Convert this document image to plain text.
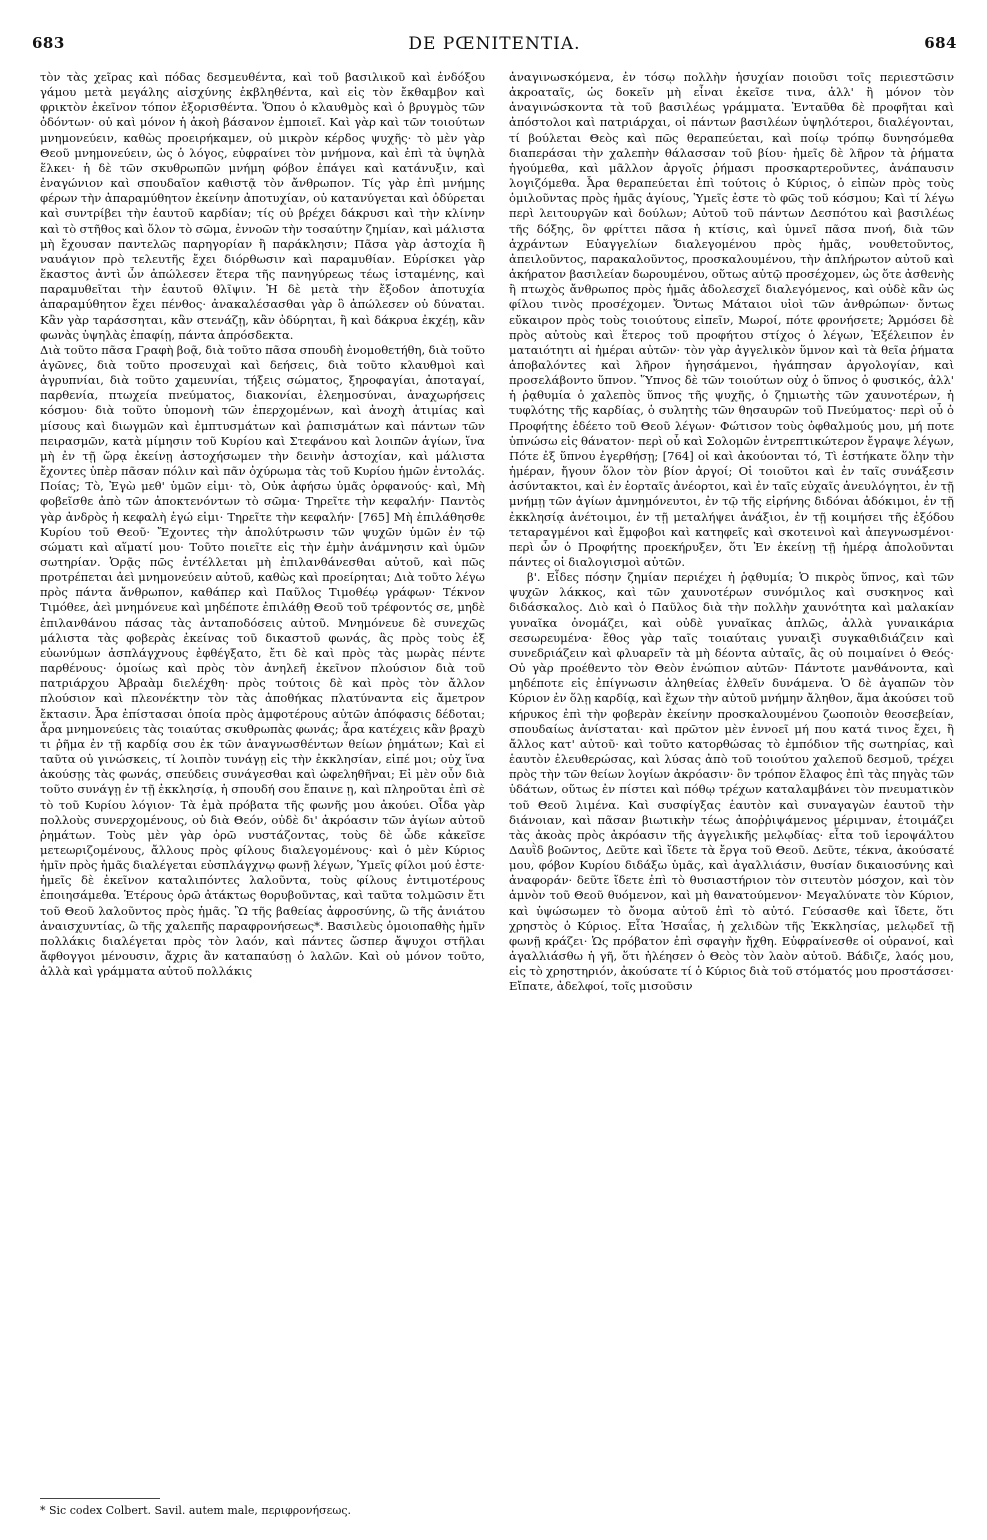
683	DE PŒNITENTIA.	684

τὸν τὰς χεῖρας καὶ πόδας δεσμευθέντα, καὶ τοῦ βασιλικοῦ καὶ ἐνδόξου γάμου μετὰ μεγάλης αἰσχύνης ἐκβληθέντα, καὶ εἰς τὸν ἔκθαμβον καὶ φρικτὸν ἐκεῖνον τόπον ἐξορισθέντα. Ὅπου ὁ κλαυθμὸς καὶ ὁ βρυγμὸς τῶν ὀδόντων· οὐ καὶ μόνον ἡ ἀκοὴ βάσανον ἐμποιεῖ. Καὶ γὰρ καὶ τῶν τοιούτων μνημονεύειν, καθὼς προειρήκαμεν, οὐ μικρὸν κέρδος ψυχῆς· τὸ μὲν γὰρ Θεοῦ μνημονεύειν, ὡς ὁ λόγος, εὐφραίνει τὸν μνήμονα, καὶ ἐπὶ τὰ ὑψηλὰ ἕλκει· ἡ δὲ τῶν σκυθρωπῶν μνήμη φόβον ἐπάγει καὶ κατάνυξιν, καὶ ἐναγώνιον καὶ σπουδαῖον καθιστᾷ τὸν ἄνθρωπον. Τίς γὰρ ἐπὶ μνήμης φέρων τὴν ἀπαραμύθητον ἐκείνην ἀποτυχίαν, οὐ κατανύγεται καὶ ὀδύρεται καὶ συντρίβει τὴν ἑαυτοῦ καρδίαν; τίς οὐ βρέχει δάκρυσι καὶ τὴν κλίνην καὶ τὸ στῆθος καὶ ὅλον τὸ σῶμα, ἐννοῶν τὴν τοσαύτην ζημίαν, καὶ μάλιστα μὴ ἔχουσαν παντελῶς παρηγορίαν ἢ παράκλησιν; Πᾶσα γὰρ ἀστοχία ἢ ναυάγιον πρὸ τελευτῆς ἔχει διόρθωσιν καὶ παραμυθίαν. Εὑρίσκει γὰρ ἕκαστος ἀντὶ ὧν ἀπώλεσεν ἕτερα τῆς πανηγύρεως τέως ἱσταμένης, καὶ παραμυθεῖται τὴν ἑαυτοῦ θλῖψιν. Ἡ δὲ μετὰ τὴν ἔξοδον ἀποτυχία ἀπαραμύθητον ἔχει πένθος· ἀνακαλέσασθαι γὰρ ὃ ἀπώλεσεν οὐ δύναται. Κἂν γὰρ ταράσσηται, κἂν στενάζῃ, κἂν ὀδύρηται, ἢ καὶ δάκρυα ἐκχέῃ, κἂν φωνὰς ὑψηλὰς ἐπαφίῃ, πάντα ἀπρόσδεκτα.

Διὰ τοῦτο πᾶσα Γραφὴ βοᾷ, διὰ τοῦτο πᾶσα σπουδὴ ἐνομοθετήθη, διὰ τοῦτο ἀγῶνες, διὰ τοῦτο προσευχαὶ καὶ δεήσεις, διὰ τοῦτο κλαυθμοὶ καὶ ἀγρυπνίαι, διὰ τοῦτο χαμευνίαι, τήξεις σώματος, ξηροφαγίαι, ἀποταγαί, παρθενία, πτωχεία πνεύματος, διακονίαι, ἐλεημοσύναι, ἀναχωρήσεις κόσμου· διὰ τοῦτο ὑπομονὴ τῶν ἐπερχομένων, καὶ ἀνοχὴ ἀτιμίας καὶ μίσους καὶ διωγμῶν καὶ ἐμπτυσμάτων καὶ ῥαπισμάτων καὶ πάντων τῶν πειρασμῶν, κατὰ μίμησιν τοῦ Κυρίου καὶ Στεφάνου καὶ λοιπῶν ἁγίων, ἵνα μὴ ἐν τῇ ὥρᾳ ἐκείνῃ ἀστοχήσωμεν τὴν δεινὴν ἀστοχίαν, καὶ μάλιστα ἔχοντες ὑπὲρ πᾶσαν πόλιν καὶ πᾶν ὀχύρωμα τὰς τοῦ Κυρίου ἡμῶν ἐντολάς. Ποίας; Τὸ, Ἐγὼ μεθ' ὑμῶν εἰμι· τὸ, Οὐκ ἀφήσω ὑμᾶς ὀρφανούς· καὶ, Μὴ φοβεῖσθε ἀπὸ τῶν ἀποκτενόντων τὸ σῶμα· Τηρεῖτε τὴν κεφαλήν· Παντὸς γὰρ ἀνδρὸς ἡ κεφαλὴ ἐγώ εἰμι· Τηρεῖτε τὴν κεφαλήν· [765] Μὴ ἐπιλάθησθε Κυρίου τοῦ Θεοῦ· Ἔχοντες τὴν ἀπολύτρωσιν τῶν ψυχῶν ὑμῶν ἐν τῷ σώματι καὶ αἵματί μου· Τοῦτο ποιεῖτε εἰς τὴν ἐμὴν ἀνάμνησιν καὶ ὑμῶν σωτηρίαν. Ὁρᾷς πῶς ἐντέλλεται μὴ ἐπιλανθάνεσθαι αὐτοῦ, καὶ πῶς προτρέπεται ἀεὶ μνημονεύειν αὐτοῦ, καθὼς καὶ προείρηται; Διὰ τοῦτο λέγω πρὸς πάντα ἄνθρωπον, καθάπερ καὶ Παῦλος Τιμοθέῳ γράφων· Τέκνον Τιμόθεε, ἀεὶ μνημόνευε καὶ μηδέποτε ἐπιλάθῃ Θεοῦ τοῦ τρέφοντός σε, μηδὲ ἐπιλανθάνου πάσας τὰς ἀνταποδόσεις αὐτοῦ. Μνημόνευε δὲ συνεχῶς μάλιστα τὰς φοβερὰς ἐκείνας τοῦ δικαστοῦ φωνάς, ἃς πρὸς τοὺς ἐξ εὐωνύμων ἀσπλάγχνους ἐφθέγξατο, ἔτι δὲ καὶ πρὸς τὰς μωρὰς πέντε παρθένους· ὁμοίως καὶ πρὸς τὸν ἀνηλεῆ ἐκεῖνον πλούσιον διὰ τοῦ πατριάρχου Ἀβραὰμ διελέχθη· πρὸς τούτοις δὲ καὶ πρὸς τὸν ἄλλον πλούσιον καὶ πλεονέκτην τὸν τὰς ἀποθήκας πλατύναντα εἰς ἄμετρον ἔκτασιν. Ἆρα ἐπίστασαι ὁποία πρὸς ἀμφοτέρους αὐτῶν ἀπόφασις δέδοται; ἆρα μνημονεύεις τὰς τοιαύτας σκυθρωπὰς φωνάς; ἆρα κατέχεις κἂν βραχὺ τι ῥῆμα ἐν τῇ καρδίᾳ σου ἐκ τῶν ἀναγνωσθέντων θείων ῥημάτων; Καὶ εἰ ταῦτα οὐ γινώσκεις, τί λοιπὸν τυνάγῃ εἰς τὴν ἐκκλησίαν, εἰπέ μοι; οὐχ ἵνα ἀκούσῃς τὰς φωνάς, σπεύδεις συνάγεσθαι καὶ ὠφεληθῆναι; Εἰ μὲν οὖν διὰ τοῦτο συνάγῃ ἐν τῇ ἐκκλησίᾳ, ἡ σπουδή σου ἔπαινε ῃ, καὶ πληροῦται ἐπὶ σὲ τὸ τοῦ Κυρίου λόγιον· Τὰ ἐμὰ πρόβατα τῆς φωνῆς μου ἀκούει. Οἶδα γὰρ πολλοὺς συνερχομένους, οὐ διὰ Θεόν, οὐδὲ δι' ἀκρόασιν τῶν ἁγίων αὐτοῦ ῥημάτων. Τοὺς μὲν γὰρ ὁρῶ νυστάζοντας, τοὺς δὲ ὧδε κἀκεῖσε μετεωριζομένους, ἄλλους πρὸς φίλους διαλεγομένους· καὶ ὁ μὲν Κύριος ἡμῖν πρὸς ἡμᾶς διαλέγεται εὐσπλάγχνῳ φωνῇ λέγων, Ὑμεῖς φίλοι μού ἐστε· ἡμεῖς δὲ ἐκεῖνον καταλιπόντες λαλοῦντα, τοὺς φίλους ἐντιμοτέρους ἐποιησάμεθα. Ἑτέρους ὁρῶ ἀτάκτως θορυβοῦντας, καὶ ταῦτα τολμῶσιν ἔτι τοῦ Θεοῦ λαλοῦντος πρὸς ἡμᾶς. Ὢ τῆς βαθείας ἀφροσύνης, ὢ τῆς ἀνιάτου ἀναισχυντίας, ὢ τῆς χαλεπῆς παραφρονήσεως*. Βασιλεὺς ὁμοιοπαθὴς ἡμῖν πολλάκις διαλέγεται πρὸς τὸν λαόν, καὶ πάντες ὥσπερ ἄψυχοι στῆλαι ἄφθογγοι μένουσιν, ἄχρις ἂν καταπαύσῃ ὁ λαλῶν. Καὶ οὐ μόνον τοῦτο, ἀλλὰ καὶ γράμματα αὐτοῦ πολλάκις

ἀναγινωσκόμενα, ἐν τόσῳ πολλὴν ἡσυχίαν ποιοῦσι τοῖς περιεστῶσιν ἀκροαταῖς, ὡς δοκεῖν μὴ εἶναι ἐκεῖσε τινα, ἀλλ' ἢ μόνον τὸν ἀναγινώσκοντα τὰ τοῦ βασιλέως γράμματα. Ἐνταῦθα δὲ προφῆται καὶ ἀπόστολοι καὶ πατριάρχαι, οἱ πάντων βασιλέων ὑψηλότεροι, διαλέγονται, τί βούλεται Θεὸς καὶ πῶς θεραπεύεται, καὶ ποίῳ τρόπῳ δυνησόμεθα διαπεράσαι τὴν χαλεπὴν θάλασσαν τοῦ βίου· ἡμεῖς δὲ λῆρον τὰ ῥήματα ἡγούμεθα, καὶ μᾶλλον ἀργοῖς ῥήμασι προσκαρτεροῦντες, ἀνάπαυσιν λογιζόμεθα. Ἆρα θεραπεύεται ἐπὶ τούτοις ὁ Κύριος, ὁ εἰπὼν πρὸς τοὺς ὁμιλοῦντας πρὸς ἡμᾶς ἁγίους, Ὑμεῖς ἐστε τὸ φῶς τοῦ κόσμου; Καὶ τί λέγω περὶ λειτουργῶν καὶ δούλων; Αὐτοῦ τοῦ πάντων Δεσπότου καὶ βασιλέως τῆς δόξης, ὃν φρίττει πᾶσα ἡ κτίσις, καὶ ὑμνεῖ πᾶσα πνοή, διὰ τῶν ἀχράντων Εὐαγγελίων διαλεγομένου πρὸς ἡμᾶς, νουθετοῦντος, ἀπειλοῦντος, παρακαλοῦντος, προσκαλουμένου, τὴν ἀπλήρωτον αὐτοῦ καὶ ἀκήρατον βασιλείαν δωρουμένου, οὕτως αὐτῷ προσέχομεν, ὡς ὅτε ἀσθενὴς ἢ πτωχὸς ἄνθρωπος πρὸς ἡμᾶς ἀδολεσχεῖ διαλεγόμενος, καὶ οὐδὲ κἂν ὡς φίλου τινὸς προσέχομεν. Ὄντως Μάταιοι υἱοὶ τῶν ἀνθρώπων· ὄντως εὔκαιρον πρὸς τοὺς τοιούτους εἰπεῖν, Μωροί, πότε φρονήσετε; Ἁρμόσει δὲ πρὸς αὐτοὺς καὶ ἕτερος τοῦ προφήτου στίχος ὁ λέγων, Ἐξέλειπον ἐν ματαιότητι αἱ ἡμέραι αὐτῶν· τὸν γὰρ ἀγγελικὸν ὕμνον καὶ τὰ θεῖα ῥήματα ἀποβαλόντες καὶ λῆρον ἡγησάμενοι, ἠγάπησαν ἀργολογίαν, καὶ προσελάβοντο ὕπνον. Ὕπνος δὲ τῶν τοιούτων οὐχ ὁ ὕπνος ὁ φυσικός, ἀλλ' ἡ ῥᾳθυμία ὁ χαλεπὸς ὕπνος τῆς ψυχῆς, ὁ ζημιωτὴς τῶν χαυνοτέρων, ἡ τυφλότης τῆς καρδίας, ὁ συλητὴς τῶν θησαυρῶν τοῦ Πνεύματος· περὶ οὗ ὁ Προφήτης ἐδέετο τοῦ Θεοῦ λέγων· Φώτισον τοὺς ὀφθαλμούς μου, μή ποτε ὑπνώσω εἰς θάνατον· περὶ οὗ καὶ Σολομῶν ἐντρεπτικώτερον ἔγραψε λέγων, Πότε ἐξ ὕπνου ἐγερθήσῃ; [764] οἱ καὶ ἀκούονται τό, Τὶ ἑστήκατε ὅλην τὴν ἡμέραν, ἤγουν ὅλον τὸν βίον ἀργοί; Οἱ τοιοῦτοι καὶ ἐν ταῖς συνάξεσιν ἀσύντακτοι, καὶ ἐν ἑορταῖς ἀνέορτοι, καὶ ἐν ταῖς εὐχαῖς ἀνευλόγητοι, ἐν τῇ μνήμῃ τῶν ἁγίων ἀμνημόνευτοι, ἐν τῷ τῆς εἰρήνης διδόναι ἀδόκιμοι, ἐν τῇ ἐκκλησίᾳ ἀνέτοιμοι, ἐν τῇ μεταλήψει ἀνάξιοι, ἐν τῇ κοιμήσει τῆς ἐξόδου τεταραγμένοι καὶ ἔμφοβοι καὶ κατηφεῖς καὶ σκοτεινοὶ καὶ ἀπεγνωσμένοι· περὶ ὧν ὁ Προφήτης προεκήρυξεν, ὅτι Ἐν ἐκείνῃ τῇ ἡμέρᾳ ἀπολοῦνται πάντες οἱ διαλογισμοὶ αὐτῶν.

β'. Εἶδες πόσην ζημίαν περιέχει ἡ ῥᾳθυμία; Ὁ πικρὸς ὕπνος, καὶ τῶν ψυχῶν λάκκος, καὶ τῶν χαυνοτέρων συνόμιλος καὶ συσκηνος καὶ διδάσκαλος. Διὸ καὶ ὁ Παῦλος διὰ τὴν πολλὴν χαυνότητα καὶ μαλακίαν γυναῖκα ὀνομάζει, καὶ οὐδὲ γυναῖκας ἁπλῶς, ἀλλὰ γυναικάρια σεσωρευμένα· ἔθος γὰρ ταῖς τοιαύταις γυναιξὶ συγκαθιδιάζειν καὶ συνεδριάζειν καὶ φλυαρεῖν τὰ μὴ δέοντα αὐταῖς, ἃς οὐ ποιμαίνει ὁ Θεός· Οὐ γὰρ προέθεντο τὸν Θεὸν ἐνώπιον αὐτῶν· Πάντοτε μανθάνοντα, καὶ μηδέποτε εἰς ἐπίγνωσιν ἀληθείας ἐλθεῖν δυνάμενα. Ὁ δὲ ἀγαπῶν τὸν Κύριον ἐν ὅλῃ καρδίᾳ, καὶ ἔχων τὴν αὐτοῦ μνήμην ἄληθον, ἅμα ἀκούσει τοῦ κήρυκος ἐπὶ τὴν φοβερὰν ἐκείνην προσκαλουμένου ζωοποιὸν θεοσεβείαν, σπουδαίως ἀνίσταται· καὶ πρῶτον μὲν ἐννοεῖ μή που κατά τινος ἔχει, ἢ ἄλλος κατ' αὐτοῦ· καὶ τοῦτο κατορθώσας τὸ ἐμπόδιον τῆς σωτηρίας, καὶ ἑαυτὸν ἐλευθερώσας, καὶ λύσας ἀπὸ τοῦ τοιούτου χαλεποῦ δεσμοῦ, τρέχει πρὸς τὴν τῶν θείων λογίων ἀκρόασιν· ὃν τρόπον ἔλαφος ἐπὶ τὰς πηγὰς τῶν ὑδάτων, οὕτως ἐν πίστει καὶ πόθῳ τρέχων καταλαμβάνει τὸν πνευματικὸν τοῦ Θεοῦ λιμένα. Καὶ συσφίγξας ἑαυτὸν καὶ συναγαγὼν ἑαυτοῦ τὴν διάνοιαν, καὶ πᾶσαν βιωτικὴν τέως ἀποῤῥιψάμενος μέριμναν, ἑτοιμάζει τὰς ἀκοὰς πρὸς ἀκρόασιν τῆς ἀγγελικῆς μελῳδίας· εἶτα τοῦ ἱεροψάλτου Δαυῒδ βοῶντος, Δεῦτε καὶ ἴδετε τὰ ἔργα τοῦ Θεοῦ. Δεῦτε, τέκνα, ἀκούσατέ μου, φόβον Κυρίου διδάξω ὑμᾶς, καὶ ἀγαλλιάσιν, θυσίαν δικαιοσύνης καὶ ἀναφοράν· δεῦτε ἴδετε ἐπὶ τὸ θυσιαστήριον τὸν σιτευτὸν μόσχον, καὶ τὸν ἀμνὸν τοῦ Θεοῦ θυόμενον, καὶ μὴ θανατούμενον· Μεγαλύνατε τὸν Κύριον, καὶ ὑψώσωμεν τὸ ὄνομα αὐτοῦ ἐπὶ τὸ αὐτό. Γεύσασθε καὶ ἴδετε, ὅτι χρηστὸς ὁ Κύριος. Εἶτα Ἡσαΐας, ἡ χελιδὼν τῆς Ἐκκλησίας, μελῳδεῖ τῇ φωνῇ κράζει· Ὡς πρόβατον ἐπὶ σφαγὴν ἤχθη. Εὐφραίνεσθε οἱ οὐρανοί, καὶ ἀγαλλιάσθω ἡ γῆ, ὅτι ἠλέησεν ὁ Θεὸς τὸν λαὸν αὐτοῦ. Βάδιζε, λαός μου, εἰς τὸ χρηστηριόν, ἀκούσατε τί ὁ Κύριος διὰ τοῦ στόματός μου προστάσσει· Εἴπατε, ἀδελφοί, τοῖς μισοῦσιν

* Sic codex Colbert. Savil. autem male, περιφρονήσεως.
